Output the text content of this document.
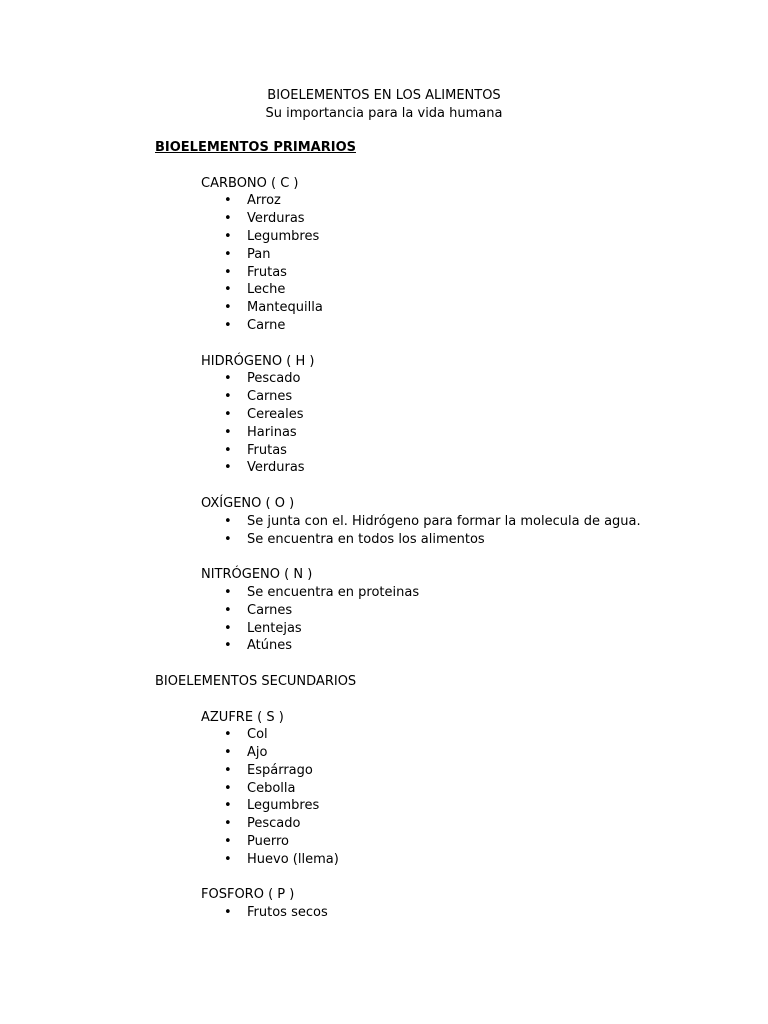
BIOELEMENTOS EN LOS ALIMENTOS
Su importancia para la vida humana
BIOELEMENTOS PRIMARIOS
CARBONO ( C )
• Arroz
• Verduras
• Legumbres
• Pan
• Frutas
• Leche
• Mantequilla
• Carne
HIDRÓGENO ( H )
• Pescado
• Carnes
• Cereales
• Harinas
• Frutas
• Verduras
OXÍGENO ( O )
• Se junta con el. Hidrógeno para formar la molecula de agua.
• Se encuentra en todos los alimentos
NITRÓGENO ( N )
• Se encuentra en proteinas
• Carnes
• Lentejas
• Atúnes
BIOELEMENTOS SECUNDARIOS
AZUFRE ( S )
• Col
• Ajo
• Espárrago
• Cebolla
• Legumbres
• Pescado
• Puerro
• Huevo (llema)
FOSFORO ( P )
• Frutos secos
